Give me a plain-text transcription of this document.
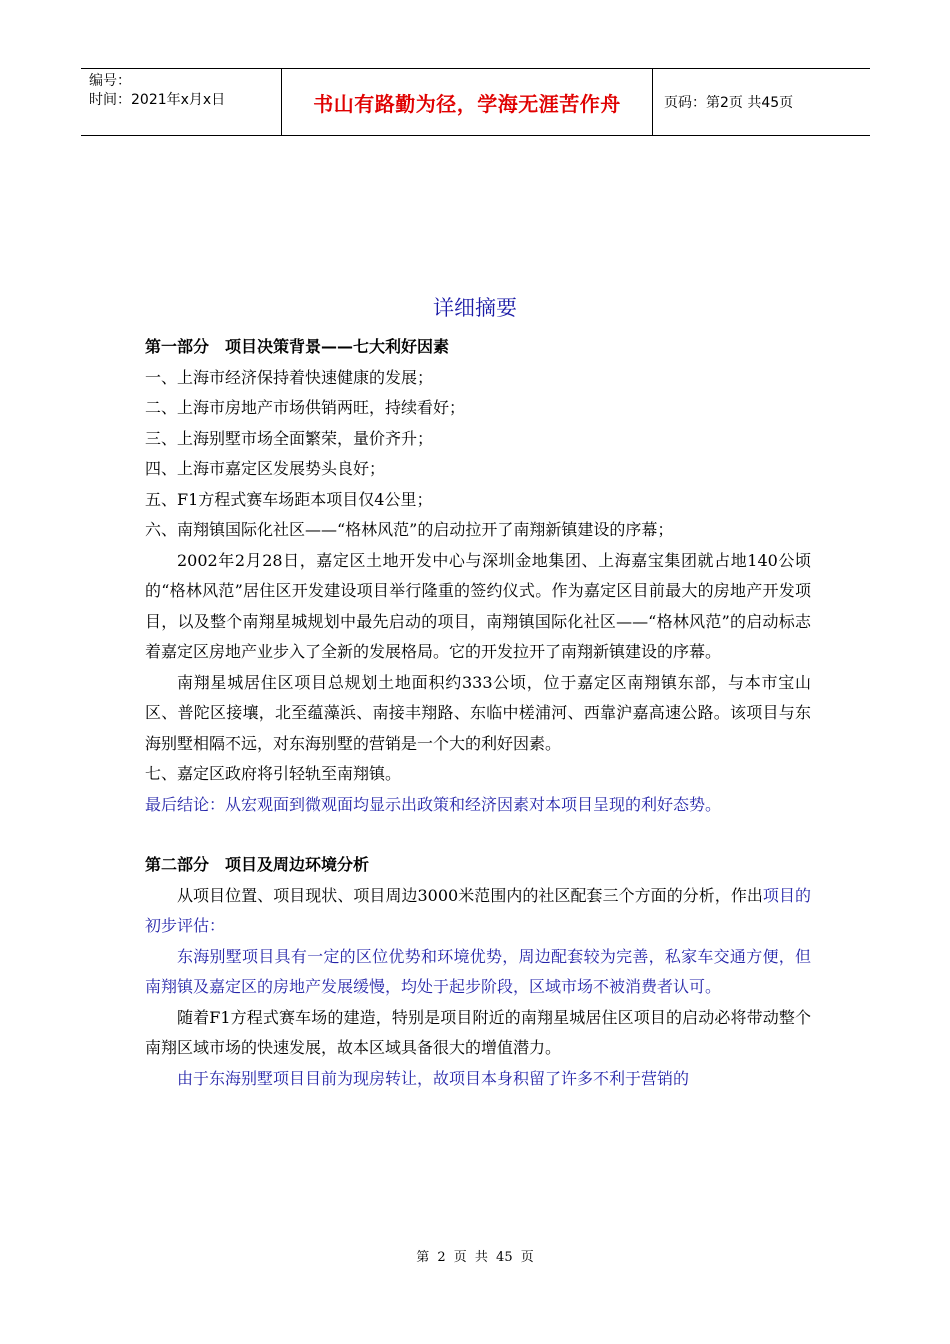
编号：
时间：2021年x月x日	书山有路勤为径，学海无涯苦作舟	页码：第2页 共45页
详细摘要

第一部分　项目决策背景——七大利好因素

一、上海市经济保持着快速健康的发展；

二、上海市房地产市场供销两旺，持续看好；

三、上海别墅市场全面繁荣，量价齐升；

四、上海市嘉定区发展势头良好；

五、F1方程式赛车场距本项目仅4公里；

六、南翔镇国际化社区——“格林风范”的启动拉开了南翔新镇建设的序幕；

2002年2月28日，嘉定区土地开发中心与深圳金地集团、上海嘉宝集团就占地140公顷的“格林风范”居住区开发建设项目举行隆重的签约仪式。作为嘉定区目前最大的房地产开发项目，以及整个南翔星城规划中最先启动的项目，南翔镇国际化社区——“格林风范”的启动标志着嘉定区房地产业步入了全新的发展格局。它的开发拉开了南翔新镇建设的序幕。

南翔星城居住区项目总规划土地面积约333公顷，位于嘉定区南翔镇东部，与本市宝山区、普陀区接壤，北至蕴藻浜、南接丰翔路、东临中槎浦河、西靠沪嘉高速公路。该项目与东海别墅相隔不远，对东海别墅的营销是一个大的利好因素。

七、嘉定区政府将引轻轨至南翔镇。

最后结论：从宏观面到微观面均显示出政策和经济因素对本项目呈现的利好态势。

第二部分　项目及周边环境分析

从项目位置、项目现状、项目周边3000米范围内的社区配套三个方面的分析，作出项目的初步评估：

东海别墅项目具有一定的区位优势和环境优势，周边配套较为完善，私家车交通方便，但南翔镇及嘉定区的房地产发展缓慢，均处于起步阶段，区域市场不被消费者认可。

随着F1方程式赛车场的建造，特别是项目附近的南翔星城居住区项目的启动必将带动整个南翔区域市场的快速发展，故本区域具备很大的增值潜力。

由于东海别墅项目目前为现房转让，故项目本身积留了许多不利于营销的

第 2 页 共 45 页
